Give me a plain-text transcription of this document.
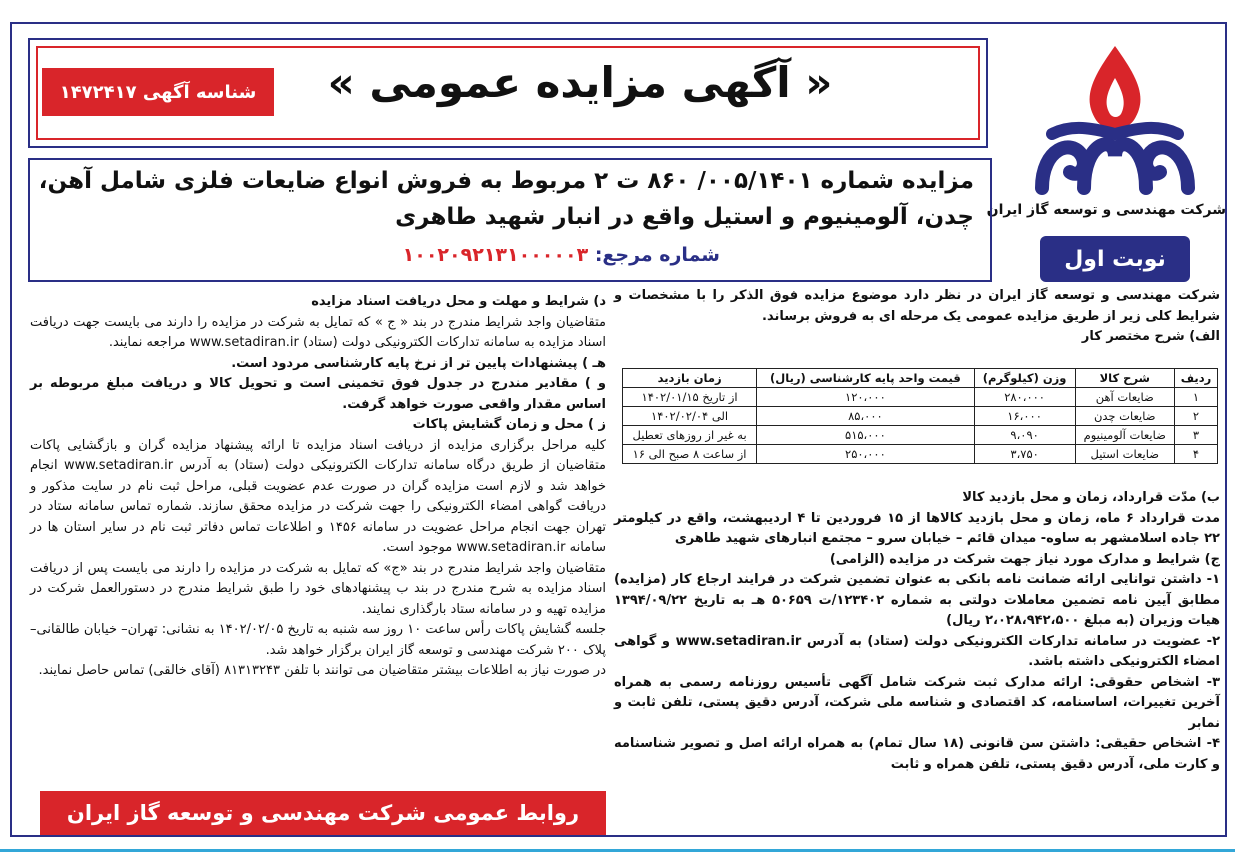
« آگهی مزایده عمومی »
شناسه آگهی ۱۴۷۲۴۱۷
شرکت مهندسی و توسعه گاز ایران
نوبت اول
مزایده شماره ۰۰۵/۱۴۰۱/ ۸۶۰ ت ۲ مربوط به فروش انواع ضایعات فلزی شامل آهن،
چدن، آلومینیوم و استیل واقع در انبار شهید طاهری
شماره مرجع: ۱۰۰۲۰۹۲۱۳۱۰۰۰۰۰۳

شرکت مهندسی و توسعه گاز ایران در نظر دارد موضوع مزایده فوق الذکر را با مشخصات و شرایط کلی زیر از طریق مزایده عمومی یک مرحله ای به فروش برساند.

الف) شرح مختصر کار

ردیف	شرح کالا	وزن (کیلوگرم)	قیمت واحد پایه کارشناسی (ریال)	زمان بازدید
۱	ضایعات آهن	۲۸۰،۰۰۰	۱۲۰،۰۰۰	از تاریخ ۱۴۰۲/۰۱/۱۵
۲	ضایعات چدن	۱۶،۰۰۰	۸۵،۰۰۰	الی ۱۴۰۲/۰۲/۰۴
۳	ضایعات آلومینیوم	۹،۰۹۰	۵۱۵،۰۰۰	به غیر از روزهای تعطیل
۴	ضایعات استیل	۳،۷۵۰	۲۵۰،۰۰۰	از ساعت ۸ صبح الی ۱۶

ب) مدّت قرارداد، زمان و محل بازدید کالا

مدت قرارداد ۶ ماه، زمان و محل بازدید کالاها از ۱۵ فروردین تا ۴ اردیبهشت، واقع در کیلومتر ۲۲ جاده اسلامشهر به ساوه- میدان قائم – خیابان سرو – مجتمع انبارهای شهید طاهری

ج) شرایط و مدارک مورد نیاز جهت شرکت در مزایده (الزامی)

۱- داشتن توانایی ارائه ضمانت نامه بانکی به عنوان تضمین شرکت در فرایند ارجاع کار (مزایده) مطابق آیین نامه تضمین معاملات دولتی به شماره ۱۲۳۴۰۲/ت ۵۰۶۵۹ هـ به تاریخ ۱۳۹۴/۰۹/۲۲ هیات وزیران (به مبلغ ۲،۰۲۸،۹۴۲،۵۰۰ ریال)

۲- عضویت در سامانه تدارکات الکترونیکی دولت (ستاد) به آدرس www.setadiran.ir و گواهی امضاء الکترونیکی داشته باشد.

۳- اشخاص حقوقی: ارائه مدارک ثبت شرکت شامل آگهی تأسیس روزنامه رسمی به همراه آخرین تغییرات، اساسنامه، کد اقتصادی و شناسه ملی شرکت، آدرس دقیق پستی، تلفن ثابت و نمابر

۴- اشخاص حقیقی: داشتن سن قانونی (۱۸ سال تمام) به همراه ارائه اصل و تصویر شناسنامه و کارت ملی، آدرس دقیق پستی، تلفن همراه و ثابت

د) شرایط و مهلت و محل دریافت اسناد مزایده

متقاضیان واجد شرایط مندرج در بند « ج » که تمایل به شرکت در مزایده را دارند می بایست جهت دریافت اسناد مزایده به سامانه تدارکات الکترونیکی دولت (ستاد) www.setadiran.ir مراجعه نمایند.

هـ ) پیشنهادات پایین تر از نرخ پایه کارشناسی مردود است.

و ) مقادیر مندرج در جدول فوق تخمینی است و تحویل کالا و دریافت مبلغ مربوطه بر اساس مقدار واقعی صورت خواهد گرفت.

ز ) محل و زمان گشایش پاکات

کلیه مراحل برگزاری مزایده از دریافت اسناد مزایده تا ارائه پیشنهاد مزایده گران و بازگشایی پاکات متقاضیان از طریق درگاه سامانه تدارکات الکترونیکی دولت (ستاد) به آدرس www.setadiran.ir انجام خواهد شد و لازم است مزایده گران در صورت عدم عضویت قبلی، مراحل ثبت نام در سایت مذکور و دریافت گواهی امضاء الکترونیکی را جهت شرکت در مزایده محقق سازند. شماره تماس سامانه ستاد در تهران جهت انجام مراحل عضویت در سامانه ۱۴۵۶ و اطلاعات تماس دفاتر ثبت نام در سایر استان ها در سامانه www.setadiran.ir موجود است.

متقاضیان واجد شرایط مندرج در بند «ج» که تمایل به شرکت در مزایده را دارند می بایست پس از دریافت اسناد مزایده به شرح مندرج در بند ب پیشنهادهای خود را طبق شرایط مندرج در دستورالعمل شرکت در مزایده تهیه و در سامانه ستاد بارگذاری نمایند.

جلسه گشایش پاکات رأس ساعت ۱۰ روز سه شنبه به تاریخ ۱۴۰۲/۰۲/۰۵ به نشانی: تهران– خیابان طالقانی– پلاک ۲۰۰ شرکت مهندسی و توسعه گاز ایران برگزار خواهد شد.

در صورت نیاز به اطلاعات بیشتر متقاضیان می توانند با تلفن ۸۱۳۱۳۲۴۳ (آقای خالقی) تماس حاصل نمایند.

روابط عمومی شرکت مهندسی و توسعه گاز ایران
